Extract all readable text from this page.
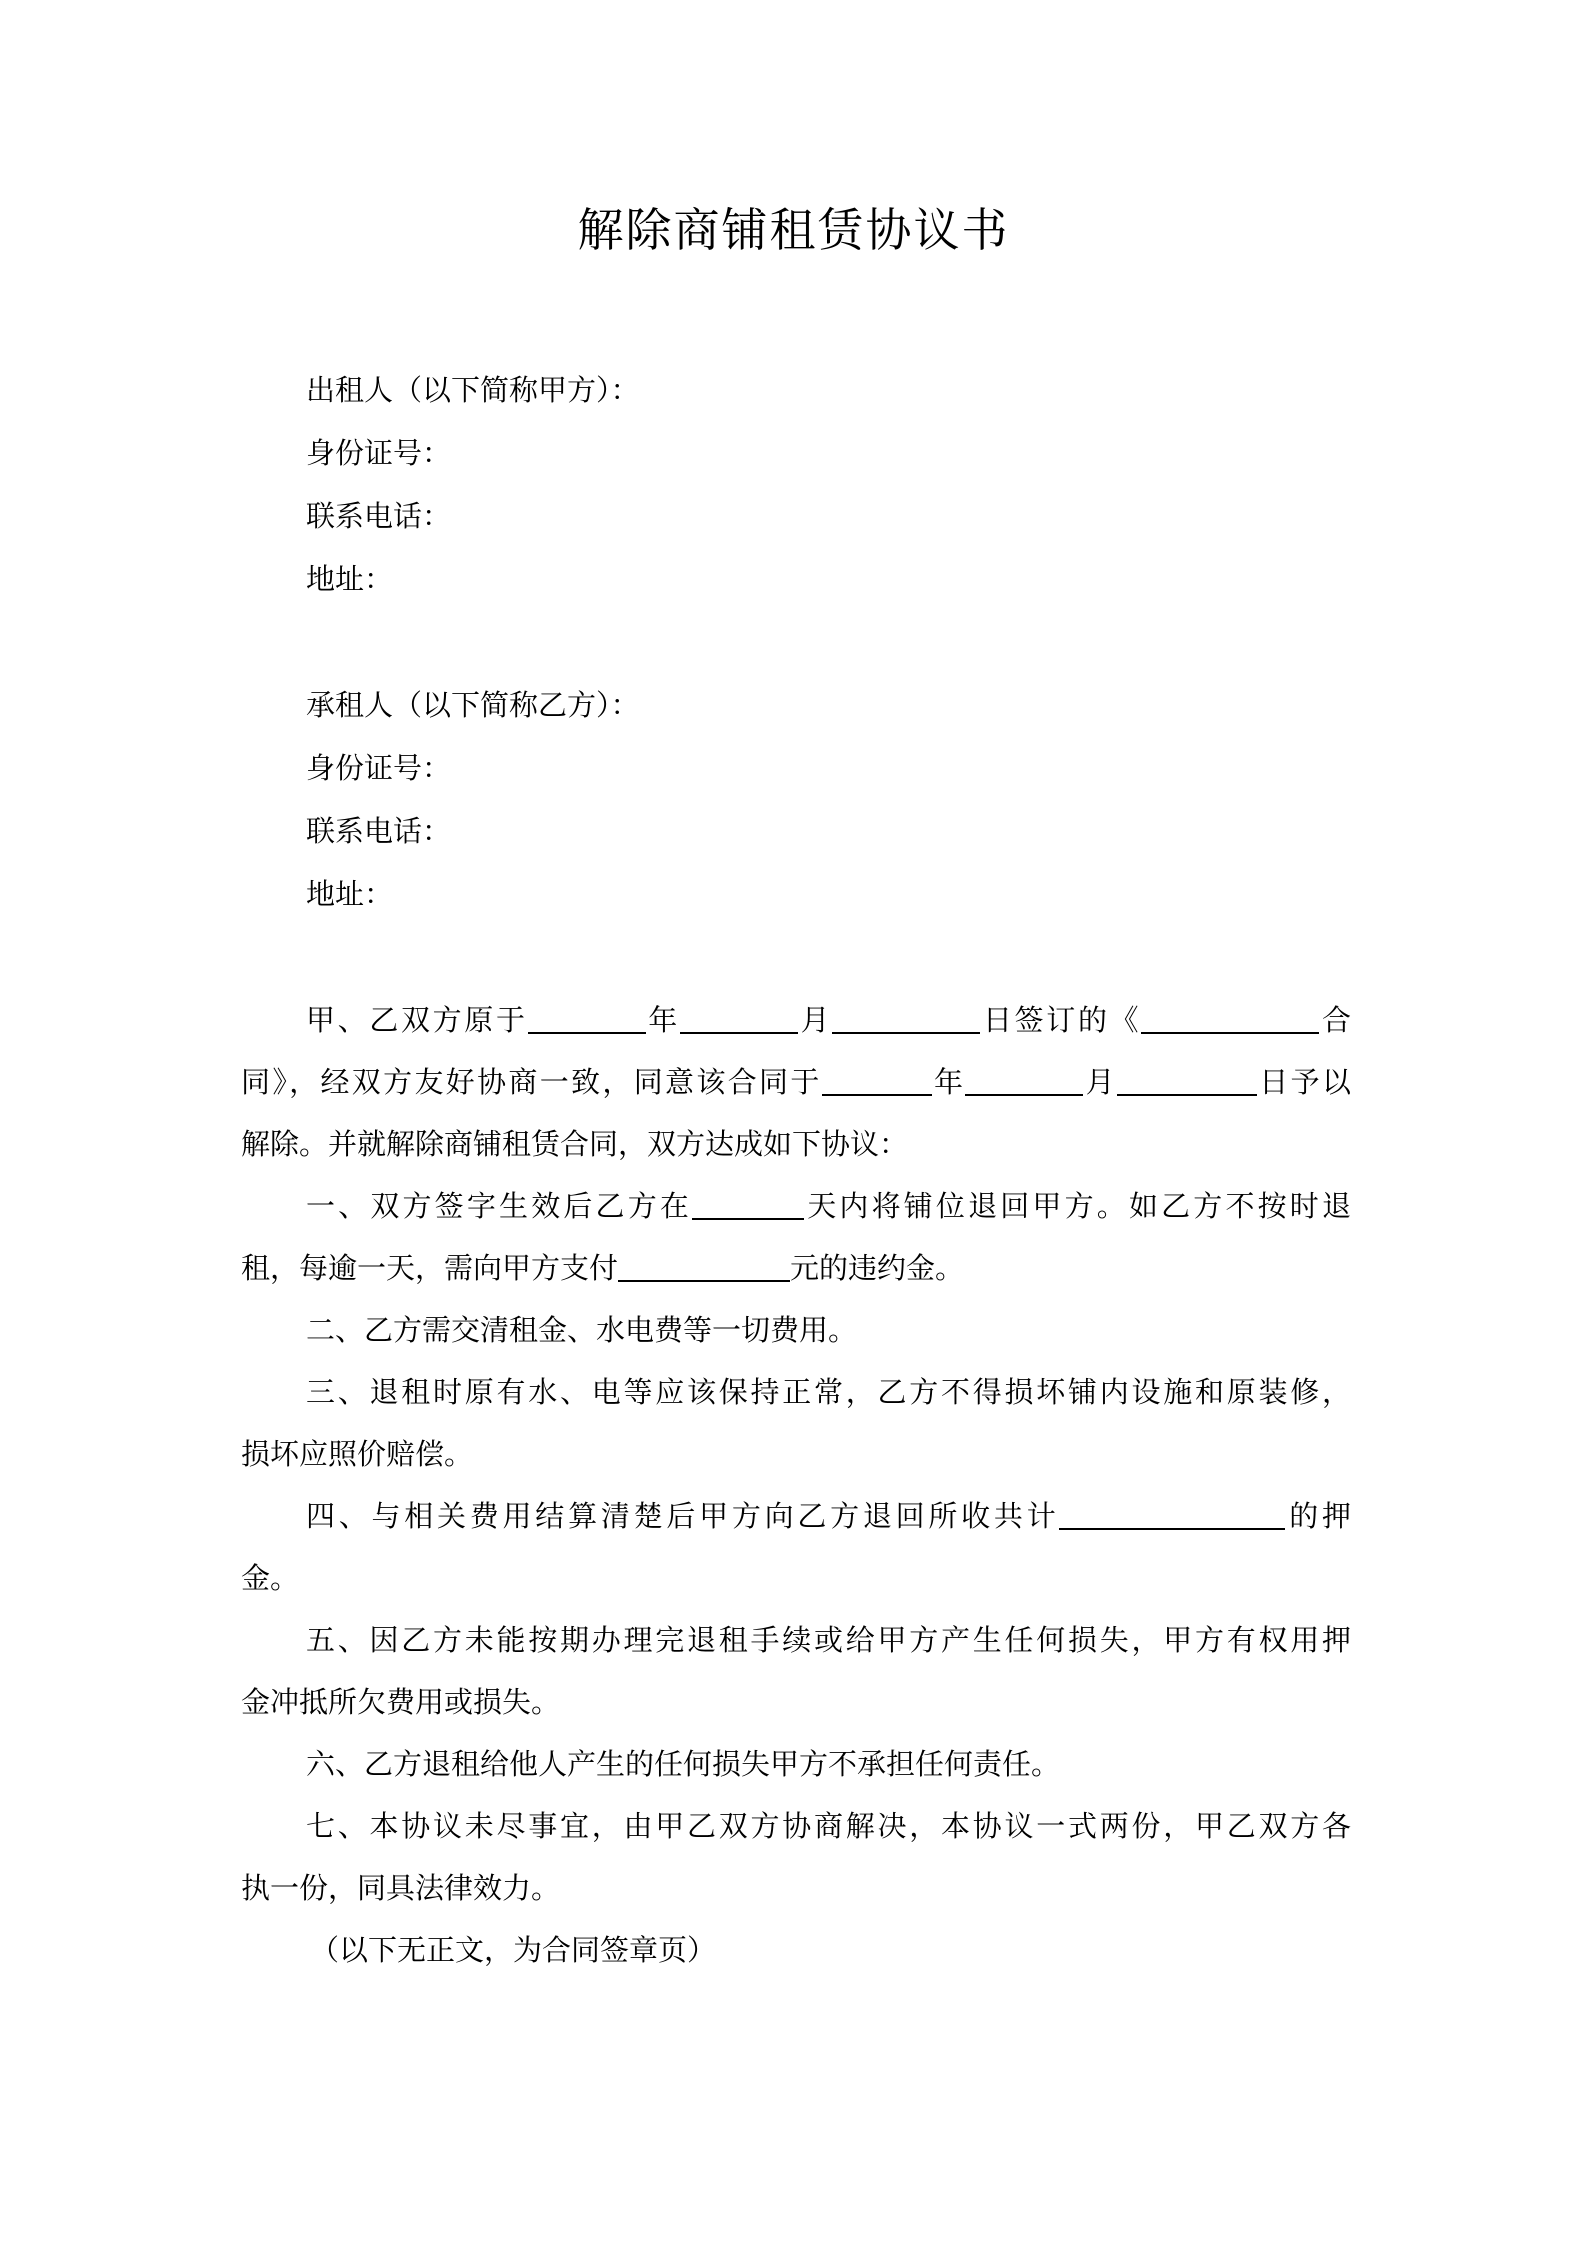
解除商铺租赁协议书
出租人（以下简称甲方）：
身份证号：
联系电话：
地址：
承租人（以下简称乙方）：
身份证号：
联系电话：
地址：
甲、乙双方原于	年	月	日签订的《	合
同》，经双方友好协商一致，同意该合同于	年	月	日予以
解除。并就解除商铺租赁合同，双方达成如下协议：
一、双方签字生效后乙方在	天内将铺位退回甲方。如乙方不按时退
租，每逾一天，需向甲方支付	元的违约金。
二、乙方需交清租金、水电费等一切费用。
三、退租时原有水、电等应该保持正常，乙方不得损坏铺内设施和原装修，
损坏应照价赔偿。
四、与相关费用结算清楚后甲方向乙方退回所收共计	的押
金。
五、因乙方未能按期办理完退租手续或给甲方产生任何损失，甲方有权用押
金冲抵所欠费用或损失。
六、乙方退租给他人产生的任何损失甲方不承担任何责任。
七、本协议未尽事宜，由甲乙双方协商解决，本协议一式两份，甲乙双方各
执一份，同具法律效力。
（以下无正文，为合同签章页）
